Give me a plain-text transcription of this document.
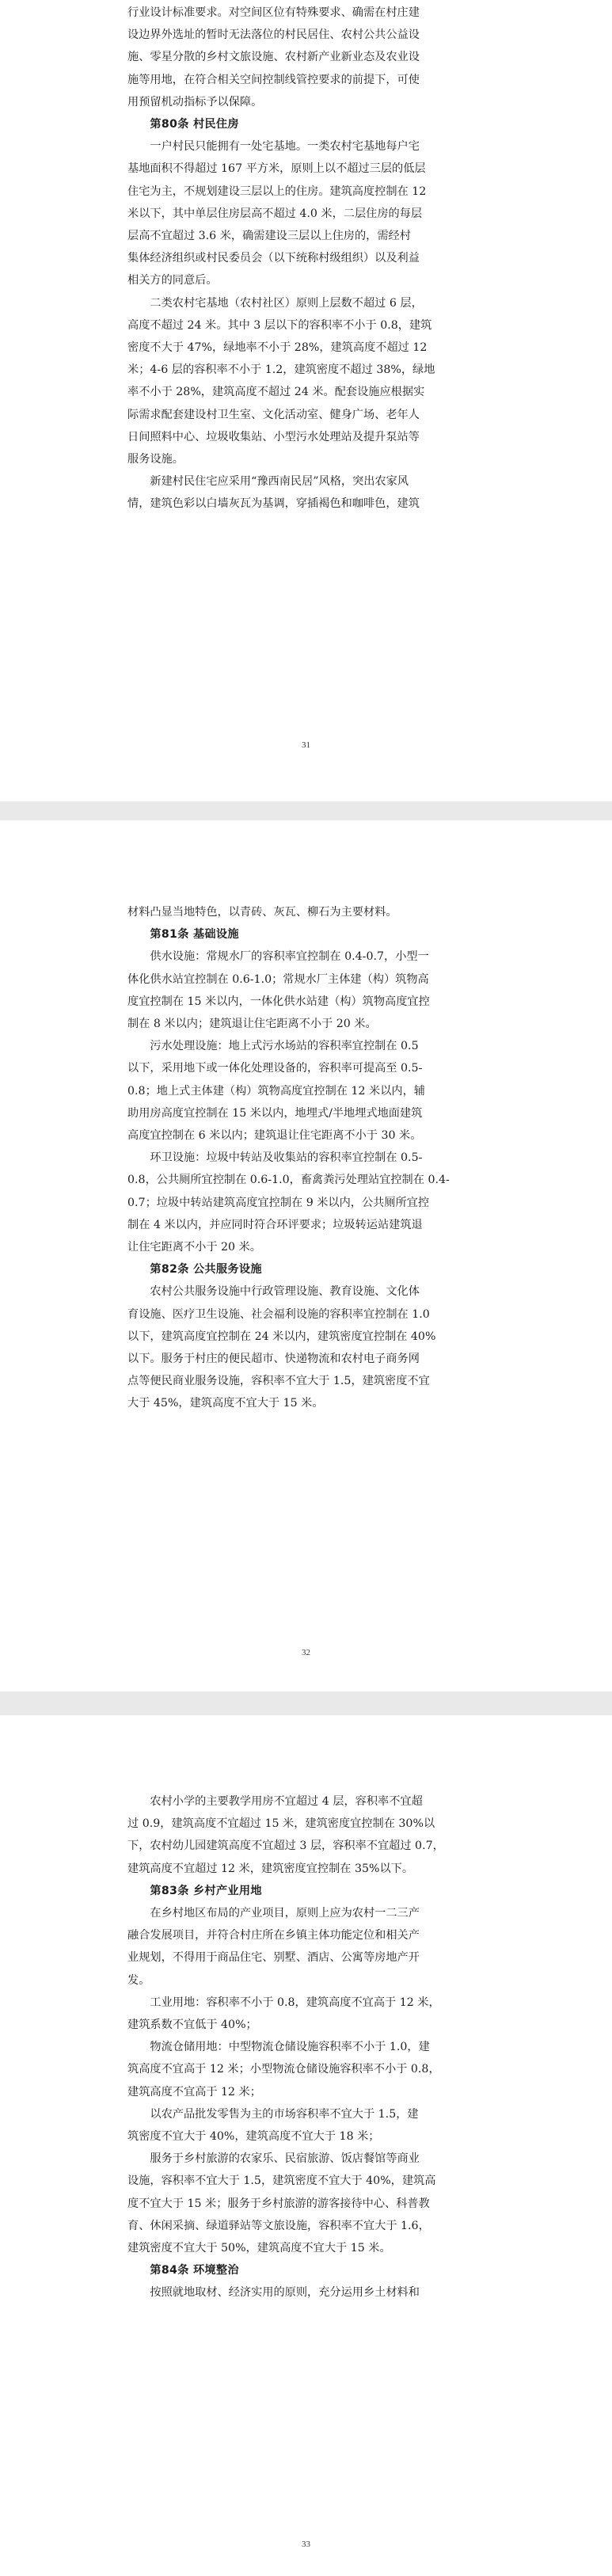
行业设计标准要求。对空间区位有特殊要求、确需在村庄建
设边界外选址的暂时无法落位的村民居住、农村公共公益设
施、零星分散的乡村文旅设施、农村新产业新业态及农业设
施等用地，在符合相关空间控制线管控要求的前提下，可使
用预留机动指标予以保障。

第80条 村民住房

一户村民只能拥有一处宅基地。一类农村宅基地每户宅
基地面积不得超过 167 平方米，原则上以不超过三层的低层
住宅为主，不规划建设三层以上的住房。建筑高度控制在 12
米以下，其中单层住房层高不超过 4.0 米，二层住房的每层
层高不宜超过 3.6 米，确需建设三层以上住房的，需经村
集体经济组织或村民委员会（以下统称村级组织）以及利益
相关方的同意后。

二类农村宅基地（农村社区）原则上层数不超过 6 层，
高度不超过 24 米。其中 3 层以下的容积率不小于 0.8，建筑
密度不大于 47%，绿地率不小于 28%，建筑高度不超过 12
米；4-6 层的容积率不小于 1.2，建筑密度不超过 38%，绿地
率不小于 28%，建筑高度不超过 24 米。配套设施应根据实
际需求配套建设村卫生室、文化活动室、健身广场、老年人
日间照料中心、垃圾收集站、小型污水处理站及提升泵站等
服务设施。

新建村民住宅应采用“豫西南民居”风格，突出农家风
情，建筑色彩以白墙灰瓦为基调，穿插褐色和咖啡色，建筑

31

材料凸显当地特色，以青砖、灰瓦、柳石为主要材料。

第81条 基础设施

供水设施：常规水厂的容积率宜控制在 0.4-0.7，小型一
体化供水站宜控制在 0.6-1.0；常规水厂主体建（构）筑物高
度宜控制在 15 米以内，一体化供水站建（构）筑物高度宜控
制在 8 米以内；建筑退让住宅距离不小于 20 米。

污水处理设施：地上式污水场站的容积率宜控制在 0.5
以下，采用地下或一体化处理设备的，容积率可提高至 0.5-
0.8；地上式主体建（构）筑物高度宜控制在 12 米以内，辅
助用房高度宜控制在 15 米以内，地埋式/半地埋式地面建筑
高度宜控制在 6 米以内；建筑退让住宅距离不小于 30 米。

环卫设施：垃圾中转站及收集站的容积率宜控制在 0.5-
0.8，公共厕所宜控制在 0.6-1.0，畜禽粪污处理站宜控制在 0.4-
0.7；垃圾中转站建筑高度宜控制在 9 米以内，公共厕所宜控
制在 4 米以内，并应同时符合环评要求；垃圾转运站建筑退
让住宅距离不小于 20 米。

第82条 公共服务设施

农村公共服务设施中行政管理设施、教育设施、文化体
育设施、医疗卫生设施、社会福利设施的容积率宜控制在 1.0
以下，建筑高度宜控制在 24 米以内，建筑密度宜控制在 40%
以下。服务于村庄的便民超市、快递物流和农村电子商务网
点等便民商业服务设施，容积率不宜大于 1.5，建筑密度不宜
大于 45%，建筑高度不宜大于 15 米。

32

农村小学的主要教学用房不宜超过 4 层，容积率不宜超
过 0.9，建筑高度不宜超过 15 米，建筑密度宜控制在 30%以
下，农村幼儿园建筑高度不宜超过 3 层，容积率不宜超过 0.7，
建筑高度不宜超过 12 米，建筑密度宜控制在 35%以下。

第83条 乡村产业用地

在乡村地区布局的产业项目，原则上应为农村一二三产
融合发展项目，并符合村庄所在乡镇主体功能定位和相关产
业规划，不得用于商品住宅、别墅、酒店、公寓等房地产开
发。

工业用地：容积率不小于 0.8，建筑高度不宜高于 12 米，
建筑系数不宜低于 40%；

物流仓储用地：中型物流仓储设施容积率不小于 1.0，建
筑高度不宜高于 12 米；小型物流仓储设施容积率不小于 0.8，
建筑高度不宜高于 12 米；

以农产品批发零售为主的市场容积率不宜大于 1.5，建
筑密度不宜大于 40%，建筑高度不宜大于 18 米；

服务于乡村旅游的农家乐、民宿旅游、饭店餐馆等商业
设施，容积率不宜大于 1.5，建筑密度不宜大于 40%，建筑高
度不宜大于 15 米；服务于乡村旅游的游客接待中心、科普教
育、休闲采摘、绿道驿站等文旅设施，容积率不宜大于 1.6，
建筑密度不宜大于 50%，建筑高度不宜大于 15 米。

第84条 环境整治

按照就地取材、经济实用的原则，充分运用乡土材料和

33
